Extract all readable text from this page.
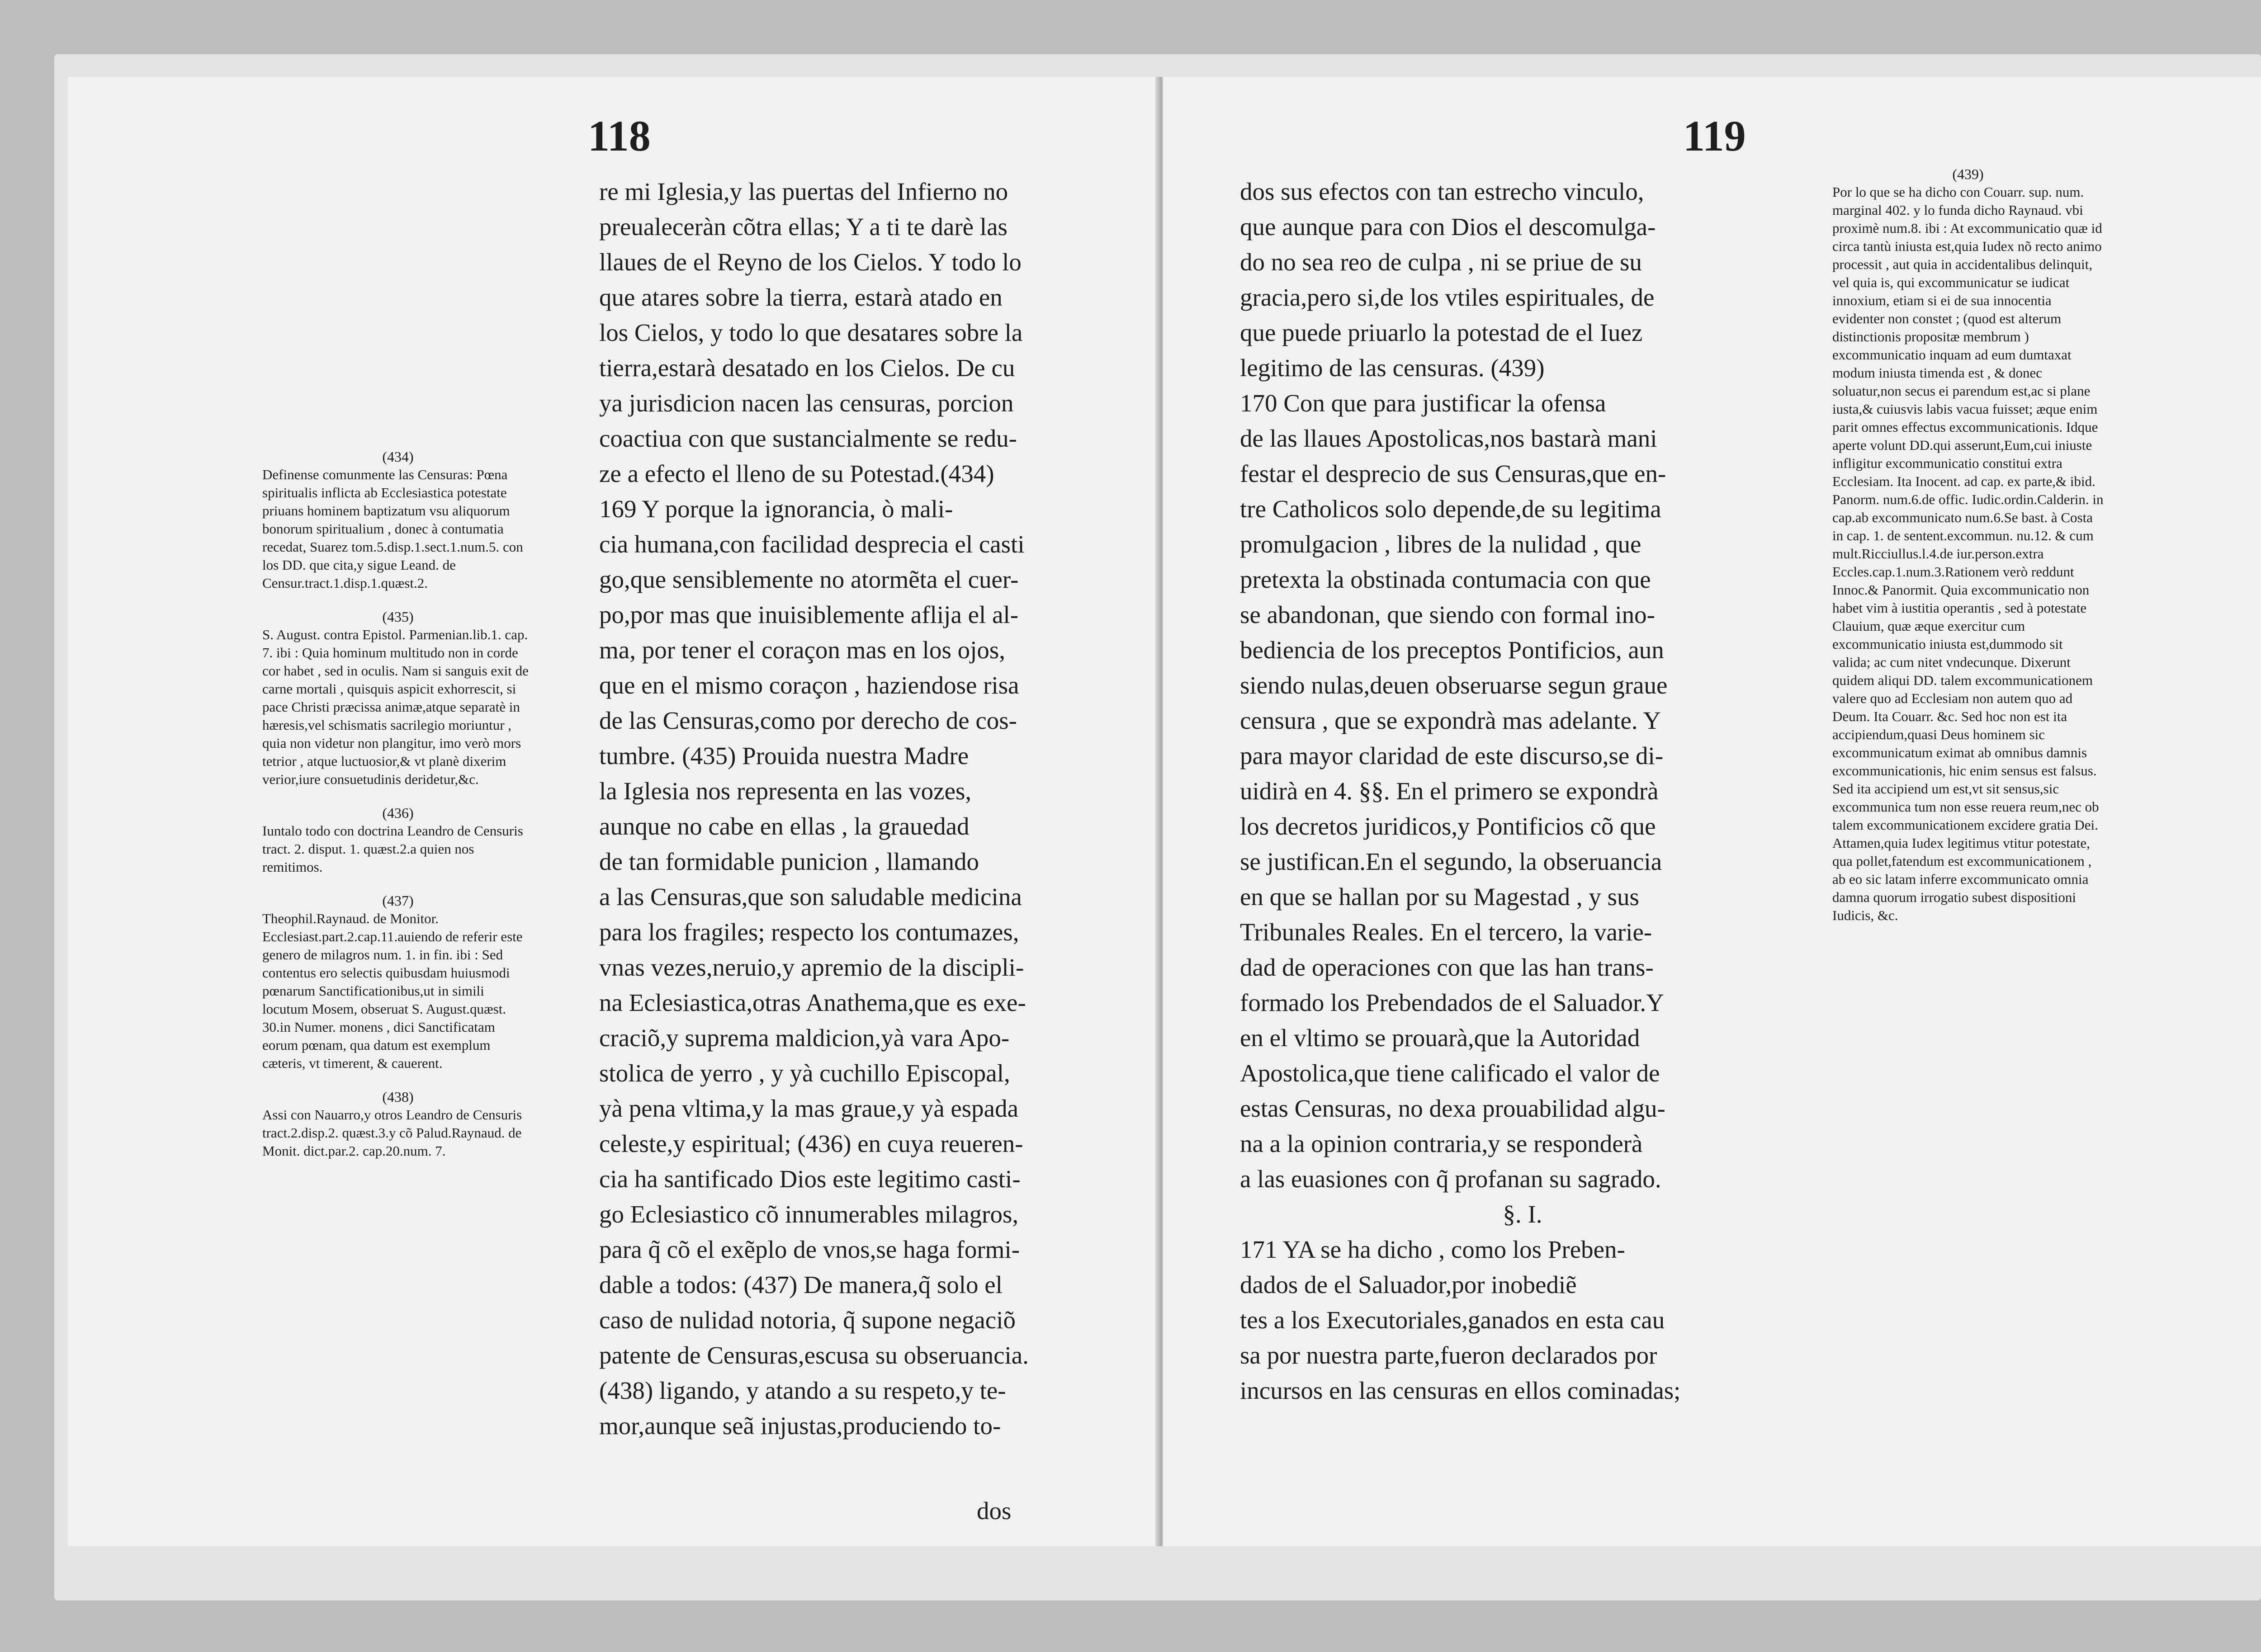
118
(434)
Definense comunmente las Censuras: Pœna spiritualis inflicta ab Ecclesiastica potestate priuans hominem baptizatum vsu aliquorum bonorum spiritualium , donec à contumatia recedat, Suarez tom.5.disp.1.sect.1.num.5. con los DD. que cita,y sigue Leand. de Censur.tract.1.disp.1.quæst.2.
(435)
S. August. contra Epistol. Parmenian.lib.1. cap. 7. ibi : Quia hominum multitudo non in corde cor habet , sed in oculis. Nam si sanguis exit de carne mortali , quisquis aspicit exhorrescit, si pace Christi præcissa animæ,atque separatè in hæresis,vel schismatis sacrilegio moriuntur , quia non videtur non plangitur, imo verò mors tetrior , atque luctuosior,& vt planè dixerim verior,iure consuetudinis deridetur,&c.
(436)
Iuntalo todo con doctrina Leandro de Censuris tract. 2. disput. 1. quæst.2.a quien nos remitimos.
(437)
Theophil.Raynaud. de Monitor. Ecclesiast.part.2.cap.11.auiendo de referir este genero de milagros num. 1. in fin. ibi : Sed contentus ero selectis quibusdam huiusmodi pœnarum Sanctificationibus,ut in simili locutum Mosem, obseruat S. August.quæst. 30.in Numer. monens , dici Sanctificatam eorum pœnam, qua datum est exemplum cæteris, vt timerent, & cauerent.
(438)
Assi con Nauarro,y otros Leandro de Censuris tract.2.disp.2. quæst.3.y cõ Palud.Raynaud. de Monit. dict.par.2. cap.20.num. 7.
re mi Iglesia,y las puertas del Infierno no
preualeceràn cõtra ellas; Y a ti te darè las
llaues de el Reyno de los Cielos. Y todo lo
que atares sobre la tierra, estarà atado en
los Cielos, y todo lo que desatares sobre la
tierra,estarà desatado en los Cielos. De cu
ya jurisdicion nacen las censuras, porcion
coactiua con que sustancialmente se redu-
ze a efecto el lleno de su Potestad.(434)
169 Y porque la ignorancia, ò mali-
cia humana,con facilidad desprecia el casti
go,que sensiblemente no atormẽta el cuer-
po,por mas que inuisiblemente aflija el al-
ma, por tener el coraçon mas en los ojos,
que en el mismo coraçon , haziendose risa
de las Censuras,como por derecho de cos-
tumbre. (435) Prouida nuestra Madre
la Iglesia nos representa en las vozes,
aunque no cabe en ellas , la grauedad
de tan formidable punicion , llamando
a las Censuras,que son saludable medicina
para los fragiles; respecto los contumazes,
vnas vezes,neruio,y apremio de la discipli-
na Eclesiastica,otras Anathema,que es exe-
craciõ,y suprema maldicion,yà vara Apo-
stolica de yerro , y yà cuchillo Episcopal,
yà pena vltima,y la mas graue,y yà espada
celeste,y espiritual; (436) en cuya reueren-
cia ha santificado Dios este legitimo casti-
go Eclesiastico cõ innumerables milagros,
para q̃ cõ el exẽplo de vnos,se haga formi-
dable a todos: (437) De manera,q̃ solo el
caso de nulidad notoria, q̃ supone negaciõ
patente de Censuras,escusa su obseruancia.
(438) ligando, y atando a su respeto,y te-
mor,aunque seã injustas,produciendo to-
dos
119
dos sus efectos con tan estrecho vinculo,
que aunque para con Dios el descomulga-
do no sea reo de culpa , ni se priue de su
gracia,pero si,de los vtiles espirituales, de
que puede priuarlo la potestad de el Iuez
legitimo de las censuras. (439)
170 Con que para justificar la ofensa
de las llaues Apostolicas,nos bastarà mani
festar el desprecio de sus Censuras,que en-
tre Catholicos solo depende,de su legitima
promulgacion , libres de la nulidad , que
pretexta la obstinada contumacia con que
se abandonan, que siendo con formal ino-
bediencia de los preceptos Pontificios, aun
siendo nulas,deuen obseruarse segun graue
censura , que se expondrà mas adelante. Y
para mayor claridad de este discurso,se di-
uidirà en 4. §§. En el primero se expondrà
los decretos juridicos,y Pontificios cõ que
se justifican.En el segundo, la obseruancia
en que se hallan por su Magestad , y sus
Tribunales Reales. En el tercero, la varie-
dad de operaciones con que las han trans-
formado los Prebendados de el Saluador.Y
en el vltimo se prouarà,que la Autoridad
Apostolica,que tiene calificado el valor de
estas Censuras, no dexa prouabilidad algu-
na a la opinion contraria,y se responderà
a las euasiones con q̃ profanan su sagrado.
§. I.
171 YA se ha dicho , como los Preben-
dados de el Saluador,por inobediẽ
tes a los Executoriales,ganados en esta cau
sa por nuestra parte,fueron declarados por
incursos en las censuras en ellos cominadas;
(439)
Por lo que se ha dicho con Couarr. sup. num. marginal 402. y lo funda dicho Raynaud. vbi proximè num.8. ibi : At excommunicatio quæ id circa tantù iniusta est,quia Iudex nõ recto animo processit , aut quia in accidentalibus delinquit, vel quia is, qui excommunicatur se iudicat innoxium, etiam si ei de sua innocentia evidenter non constet ; (quod est alterum distinctionis propositæ membrum ) excommunicatio inquam ad eum dumtaxat modum iniusta timenda est , & donec soluatur,non secus ei parendum est,ac si plane iusta,& cuiusvis labis vacua fuisset; æque enim parit omnes effectus excommunicationis. Idque aperte volunt DD.qui asserunt,Eum,cui iniuste infligitur excommunicatio constitui extra Ecclesiam. Ita Inocent. ad cap. ex parte,& ibid. Panorm. num.6.de offic. Iudic.ordin.Calderin. in cap.ab excommunicato num.6.Se bast. à Costa in cap. 1. de sentent.excommun. nu.12. & cum mult.Ricciullus.l.4.de iur.person.extra Eccles.cap.1.num.3.Rationem verò reddunt Innoc.& Panormit. Quia excommunicatio non habet vim à iustitia operantis , sed à potestate Clauium, quæ æque exercitur cum excommunicatio iniusta est,dummodo sit valida; ac cum nitet vndecunque. Dixerunt quidem aliqui DD. talem excommunicationem valere quo ad Ecclesiam non autem quo ad Deum. Ita Couarr. &c. Sed hoc non est ita accipiendum,quasi Deus hominem sic excommunicatum eximat ab omnibus damnis excommunicationis, hic enim sensus est falsus. Sed ita accipiend um est,vt sit sensus,sic excommunica tum non esse reuera reum,nec ob talem excommunicationem excidere gratia Dei. Attamen,quia Iudex legitimus vtitur potestate, qua pollet,fatendum est excommunicationem , ab eo sic latam inferre excommunicato omnia damna quorum irrogatio subest dispositioni Iudicis, &c.
